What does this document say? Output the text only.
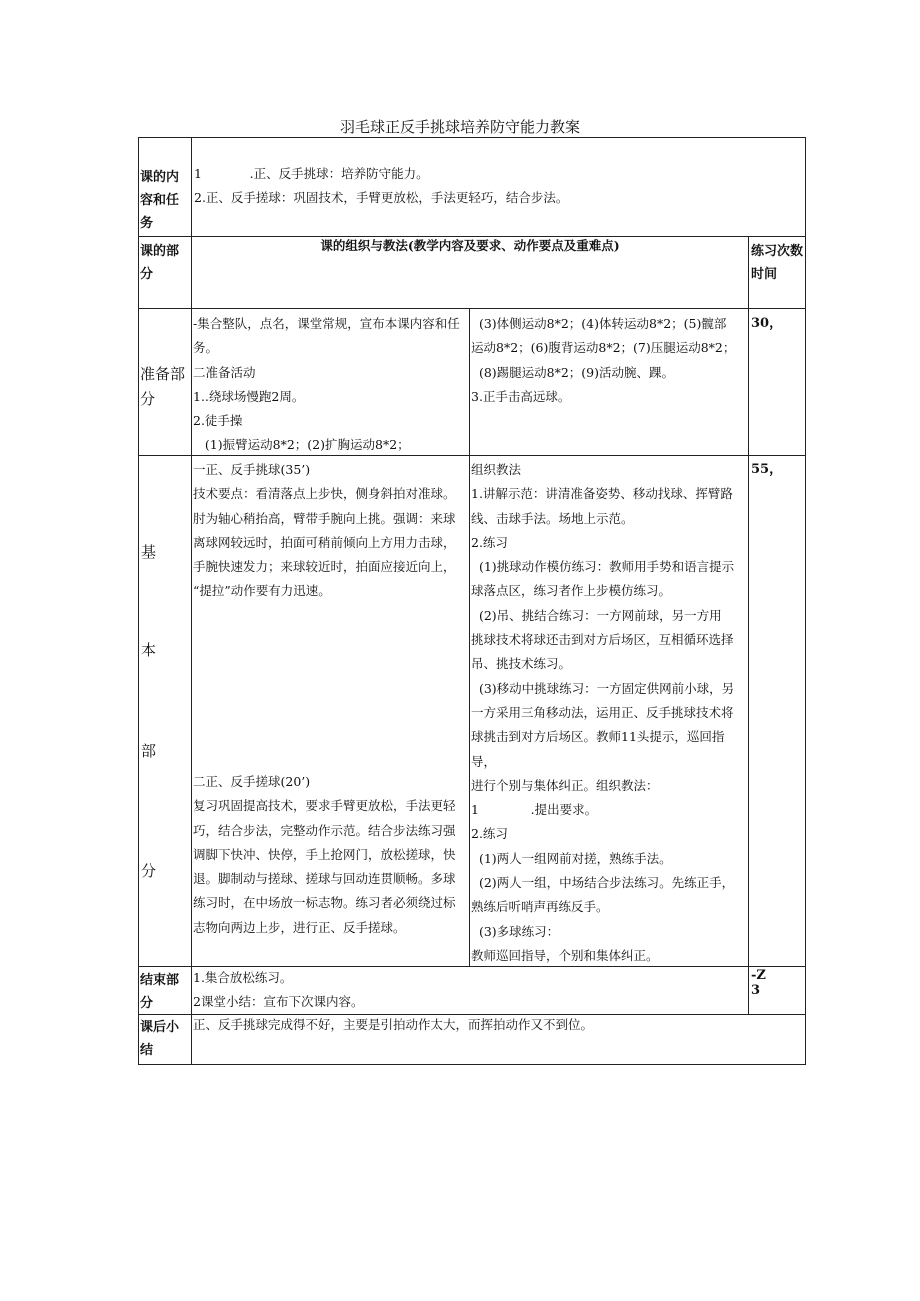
羽毛球正反手挑球培养防守能力教案
课的内容和任务

1            .正、反手挑球：培养防守能力。

2.正、反手搓球：巩固技术，手臂更放松，手法更轻巧，结合步法。

课的部分
课的组织与教法(教学内容及要求、动作要点及重难点)	练习次数时间
准备部分

-集合整队，点名，课堂常规，宣布本课内容和任

务。

二准备活动

1..绕球场慢跑2周。

2.徒手操

(1)振臂运动8*2；(2)扩胸运动8*2；

(3)体侧运动8*2；(4)体转运动8*2；(5)髋部

运动8*2；(6)腹背运动8*2；(7)压腿运动8*2；

(8)踢腿运动8*2；(9)活动腕、踝。

3.正手击高远球。

30，
基
本
部
分

一正、反手挑球(35’)

技术要点：看清落点上步快，侧身斜拍对准球。

肘为轴心稍抬高，臂带手腕向上挑。强调：来球

离球网较远时，拍面可稍前倾向上方用力击球，

手腕快速发力；来球较近时，拍面应接近向上，

“提拉”动作要有力迅速。

二正、反手搓球(20’)

复习巩固提高技术，要求手臂更放松，手法更轻

巧，结合步法，完整动作示范。结合步法练习强

调脚下快冲、快停，手上抢网门，放松搓球，快

退。脚制动与搓球、搓球与回动连贯顺畅。多球

练习时，在中场放一标志物。练习者必须绕过标

志物向两边上步，进行正、反手搓球。

组织教法

1.讲解示范：讲清准备姿势、移动找球、挥臂路

线、击球手法。场地上示范。

2.练习

(1)挑球动作模仿练习：教师用手势和语言提示

球落点区，练习者作上步模仿练习。

(2)吊、挑结合练习：一方网前球，另一方用

挑球技术将球还击到对方后场区，互相循环选择

吊、挑技术练习。

(3)移动中挑球练习：一方固定供网前小球，另

一方采用三角移动法，运用正、反手挑球技术将

球挑击到对方后场区。教师11头提示，巡回指导，

进行个别与集体纠正。组织教法：

1             .提出要求。

2.练习

(1)两人一组网前对搓，熟练手法。

(2)两人一组，中场结合步法练习。先练正手，

熟练后听哨声再练反手。

(3)多球练习：

教师巡回指导，个别和集体纠正。

55，
结束部分

1.集合放松练习。

2课堂小结：宣布下次课内容。

-Z
3
课后小结
正、反手挑球完成得不好，主要是引拍动作太大，而挥拍动作又不到位。
